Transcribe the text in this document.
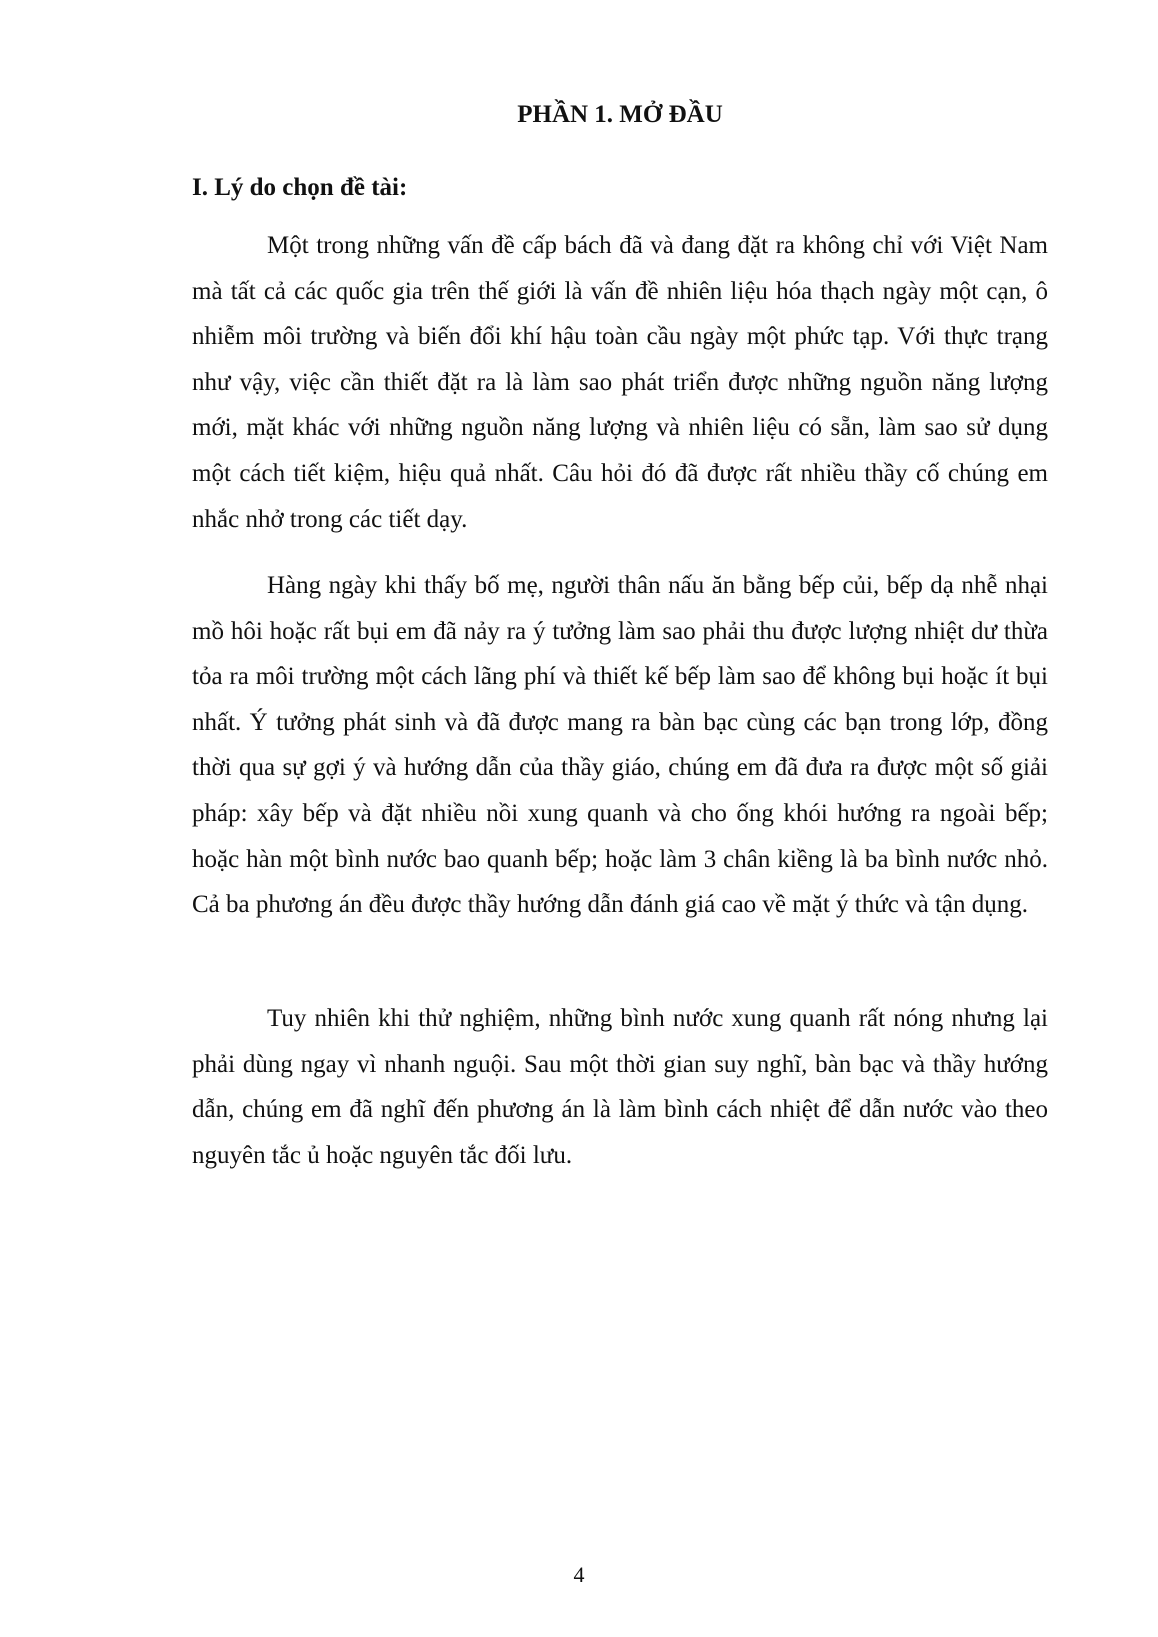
PHẦN 1. MỞ ĐẦU
I. Lý do chọn đề tài:

Một trong những vấn đề cấp bách đã và đang đặt ra không chỉ với Việt Nam mà tất cả các quốc gia trên thế giới là vấn đề nhiên liệu hóa thạch ngày một cạn, ô nhiễm môi trường và biến đổi khí hậu toàn cầu ngày một phức tạp. Với thực trạng như vậy, việc cần thiết đặt ra là làm sao phát triển được những nguồn năng lượng mới, mặt khác với những nguồn năng lượng và nhiên liệu có sẵn, làm sao sử dụng một cách tiết kiệm, hiệu quả nhất. Câu hỏi đó đã được rất nhiều thầy cố chúng em nhắc nhở trong các tiết dạy.

Hàng ngày khi thấy bố mẹ, người thân nấu ăn bằng bếp củi, bếp dạ nhễ nhại mồ hôi hoặc rất bụi em đã nảy ra ý tưởng làm sao phải thu được lượng nhiệt dư thừa tỏa ra môi trường một cách lãng phí và thiết kế bếp làm sao để không bụi hoặc ít bụi nhất. Ý tưởng phát sinh và đã được mang ra bàn bạc cùng các bạn trong lớp, đồng thời qua sự gợi ý và hướng dẫn của thầy giáo, chúng em đã đưa ra được một số giải pháp: xây bếp và đặt nhiều nồi xung quanh và cho ống khói hướng ra ngoài bếp; hoặc hàn một bình nước bao quanh bếp; hoặc làm 3 chân kiềng là ba bình nước nhỏ. Cả ba phương án đều được thầy hướng dẫn đánh giá cao về mặt ý thức và tận dụng.

Tuy nhiên khi thử nghiệm, những bình nước xung quanh rất nóng nhưng lại phải dùng ngay vì nhanh nguội. Sau một thời gian suy nghĩ, bàn bạc và thầy hướng dẫn, chúng em đã nghĩ đến phương án là làm bình cách nhiệt để dẫn nước vào theo nguyên tắc ủ hoặc nguyên tắc đối lưu.

4
